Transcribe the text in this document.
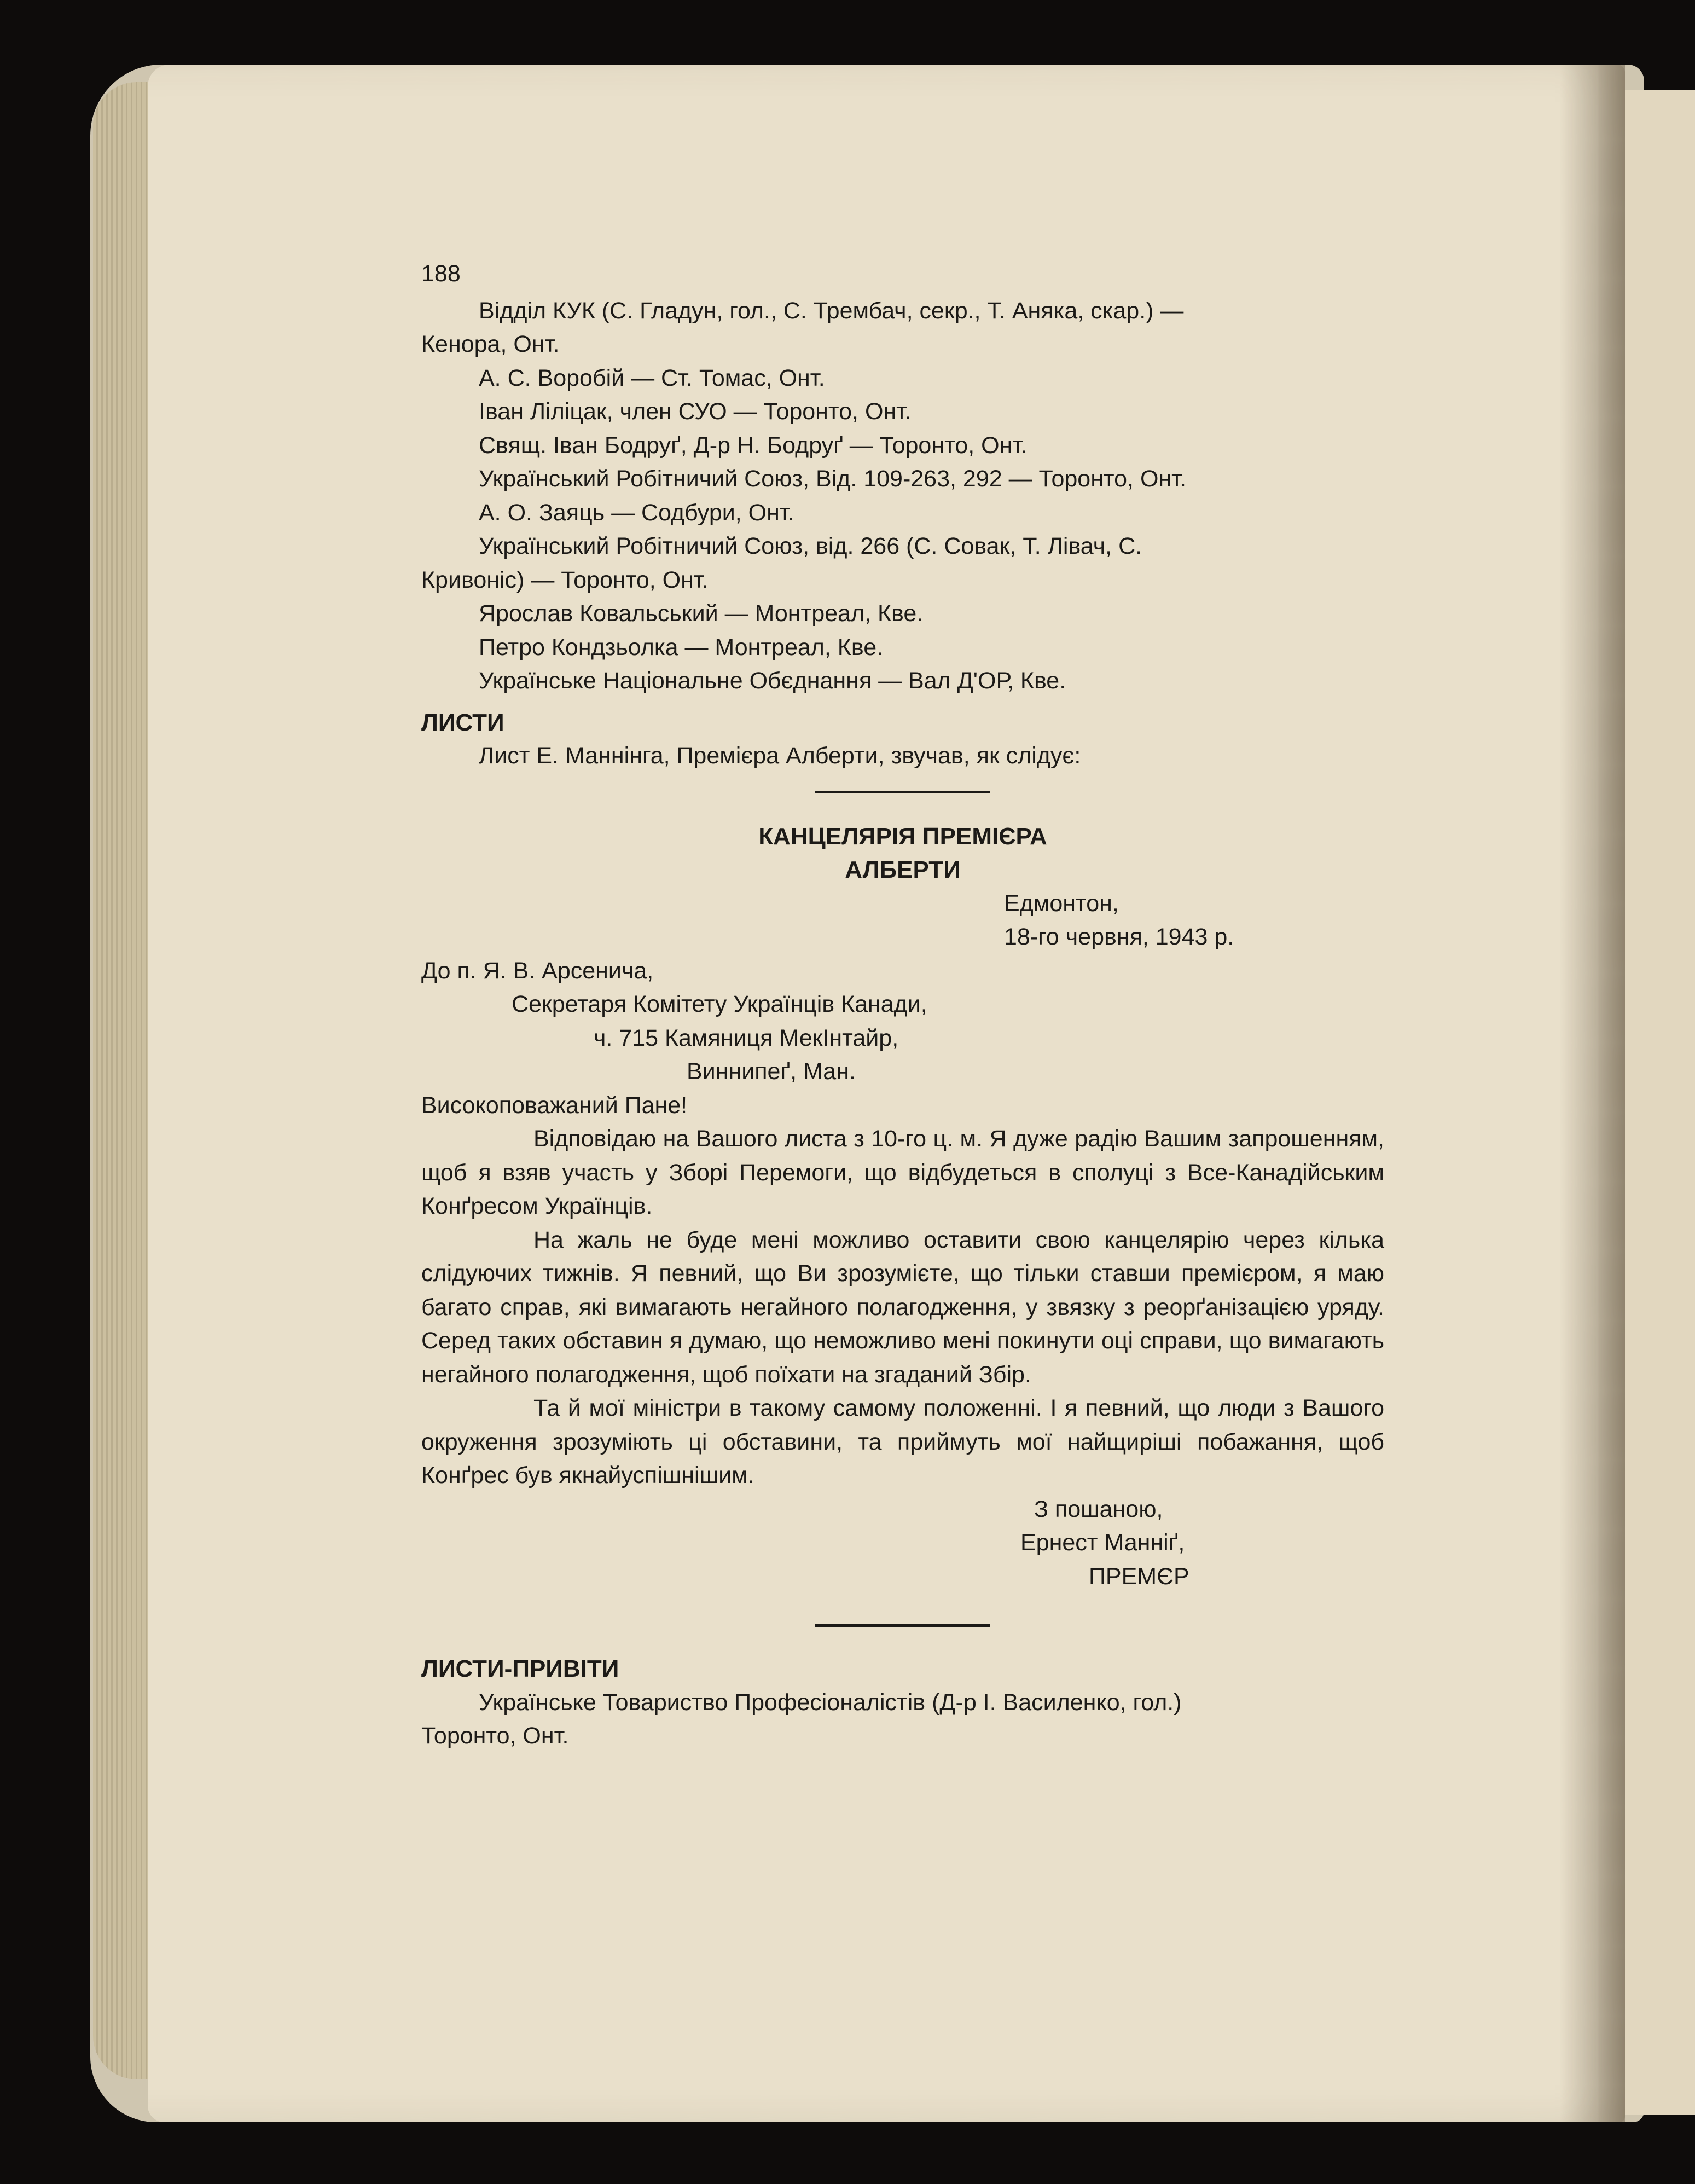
188

Відділ КУК (С. Гладун, гол., С. Трембач, секр., Т. Аняка, скар.) —

Кенора, Онт.

А. С. Воробій — Ст. Томас, Онт.

Іван Ліліцак, член СУО — Торонто, Онт.

Свящ. Іван Бодруґ, Д-р Н. Бодруґ — Торонто, Онт.

Український Робітничий Союз, Від. 109-263, 292 — Торонто, Онт.

А. О. Заяць — Содбури, Онт.

Український Робітничий Союз, від. 266 (С. Совак, Т. Лівач, С.

Кривоніс) — Торонто, Онт.

Ярослав Ковальський — Монтреал, Кве.

Петро Кондзьолка — Монтреал, Кве.

Українське Національне Обєднання — Вал Д'ОР, Кве.

ЛИСТИ

Лист Е. Маннінга, Премієра Алберти, звучав, як слідує:

КАНЦЕЛЯРІЯ ПРЕМІЄРА

АЛБЕРТИ

Едмонтон,

18-го червня, 1943 р.

До п. Я. В. Арсенича,

Секретаря Комітету Українців Канади,

ч. 715 Камяниця МекІнтайр,

Виннипеґ, Ман.

Високоповажаний Пане!

Відповідаю на Вашого листа з 10-го ц. м. Я дуже радію Вашим запрошенням, щоб я взяв участь у Зборі Перемоги, що відбудеться в сполуці з Все-Канадійським Конґресом Українців.

На жаль не буде мені можливо оставити свою канцелярію через кілька слідуючих тижнів. Я певний, що Ви зрозумієте, що тільки ставши премієром, я маю багато справ, які вимагають негайного полагодження, у звязку з реорґанізацією уряду. Серед таких обставин я думаю, що неможливо мені покинути оці справи, що вимагають негайного полагодження, щоб поїхати на згаданий Збір.

Та й мої міністри в такому самому положенні. І я певний, що люди з Вашого окруження зрозуміють ці обставини, та приймуть мої найщиріші побажання, щоб Конґрес був якнайуспішнішим.

З пошаною,

Ернест Манніґ,

ПРЕМЄР

ЛИСТИ-ПРИВІТИ

Українське Товариство Професіоналістів (Д-р І. Василенко, гол.)

Торонто, Онт.
